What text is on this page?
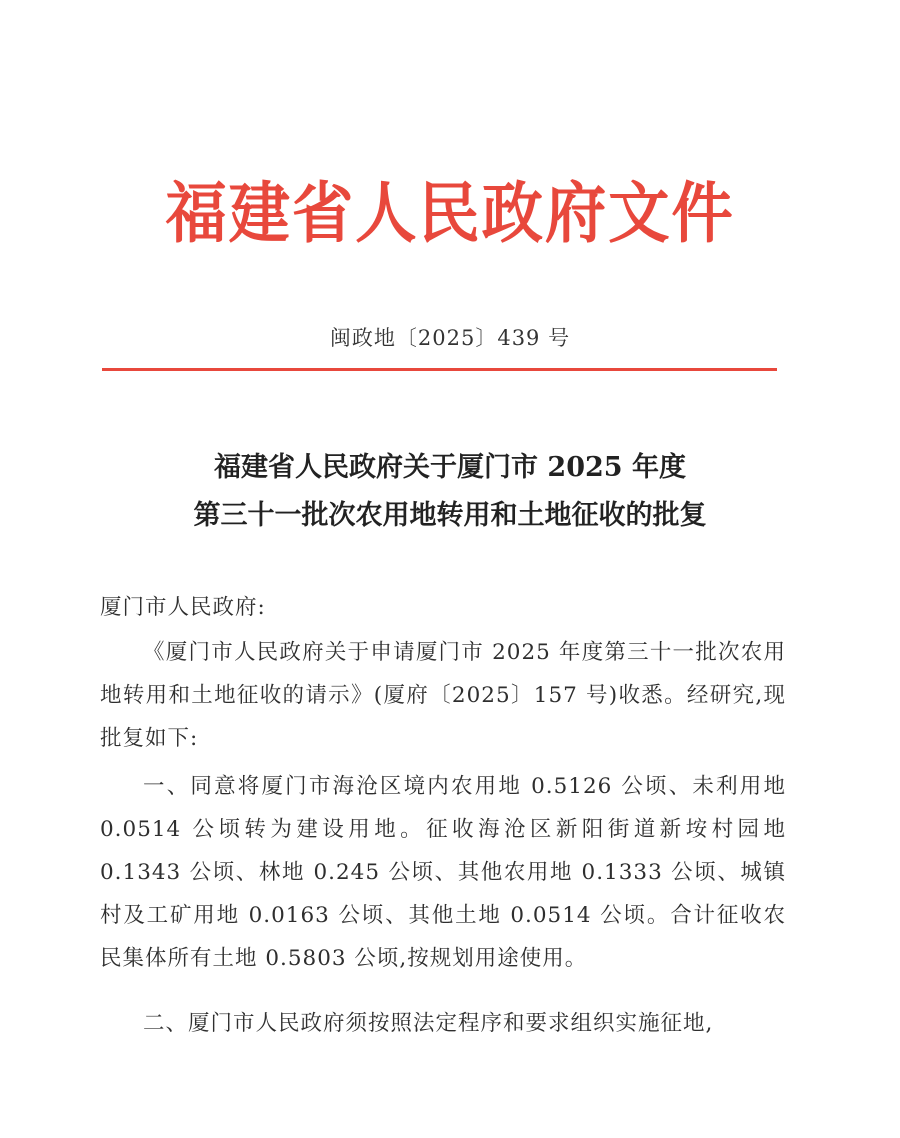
福建省人民政府文件
闽政地〔2025〕439 号
福建省人民政府关于厦门市 2025 年度
第三十一批次农用地转用和土地征收的批复
厦门市人民政府:
《厦门市人民政府关于申请厦门市 2025 年度第三十一批次农用地转用和土地征收的请示》(厦府〔2025〕157 号)收悉。经研究,现批复如下:
一、同意将厦门市海沧区境内农用地 0.5126 公顷、未利用地 0.0514 公顷转为建设用地。征收海沧区新阳街道新垵村园地 0.1343 公顷、林地 0.245 公顷、其他农用地 0.1333 公顷、城镇村及工矿用地 0.0163 公顷、其他土地 0.0514 公顷。合计征收农民集体所有土地 0.5803 公顷,按规划用途使用。
二、厦门市人民政府须按照法定程序和要求组织实施征地,
